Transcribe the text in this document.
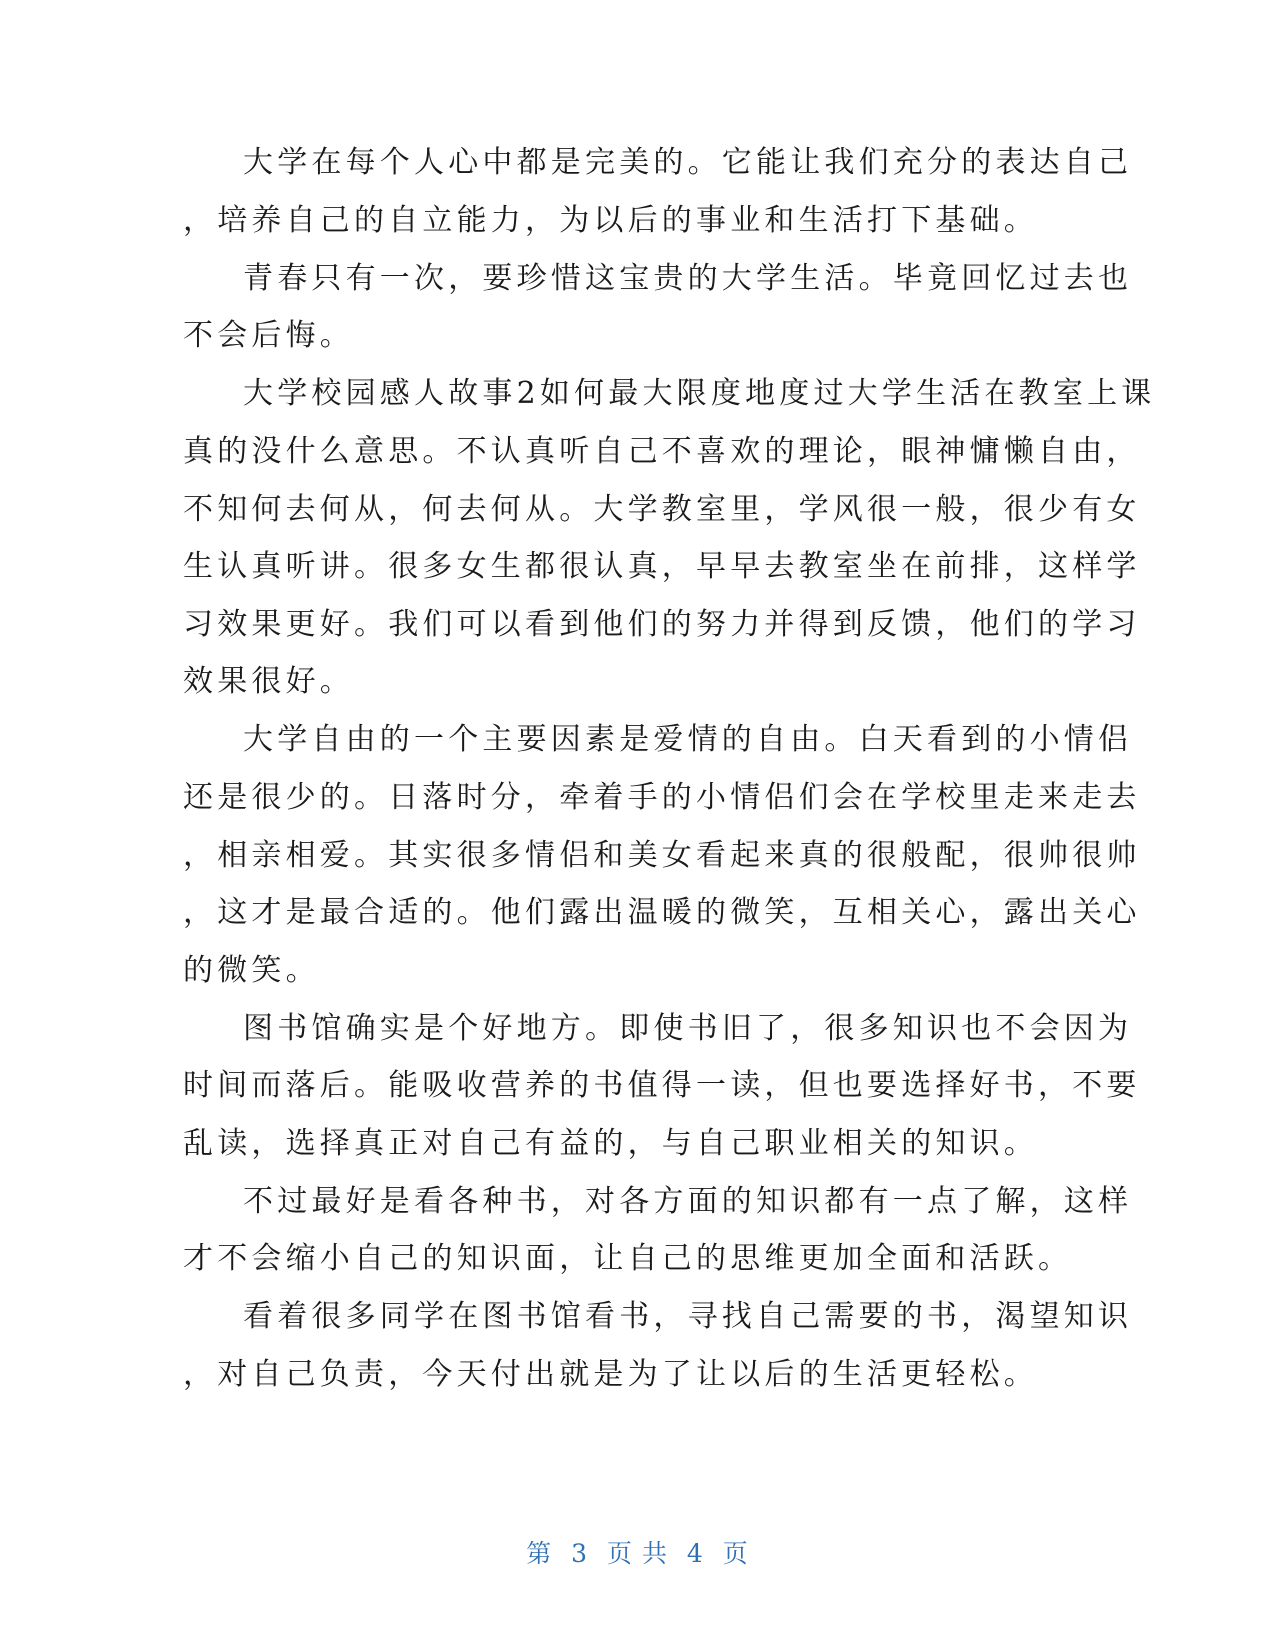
大学在每个人心中都是完美的。它能让我们充分的表达自己
，培养自己的自立能力，为以后的事业和生活打下基础。
青春只有一次，要珍惜这宝贵的大学生活。毕竟回忆过去也
不会后悔。
大学校园感人故事2如何最大限度地度过大学生活在教室上课
真的没什么意思。不认真听自己不喜欢的理论，眼神慵懒自由，
不知何去何从，何去何从。大学教室里，学风很一般，很少有女
生认真听讲。很多女生都很认真，早早去教室坐在前排，这样学
习效果更好。我们可以看到他们的努力并得到反馈，他们的学习
效果很好。
大学自由的一个主要因素是爱情的自由。白天看到的小情侣
还是很少的。日落时分，牵着手的小情侣们会在学校里走来走去
，相亲相爱。其实很多情侣和美女看起来真的很般配，很帅很帅
，这才是最合适的。他们露出温暖的微笑，互相关心，露出关心
的微笑。
图书馆确实是个好地方。即使书旧了，很多知识也不会因为
时间而落后。能吸收营养的书值得一读，但也要选择好书，不要
乱读，选择真正对自己有益的，与自己职业相关的知识。
不过最好是看各种书，对各方面的知识都有一点了解，这样
才不会缩小自己的知识面，让自己的思维更加全面和活跃。
看着很多同学在图书馆看书，寻找自己需要的书，渴望知识
，对自己负责，今天付出就是为了让以后的生活更轻松。
第 3 页 共 4 页
